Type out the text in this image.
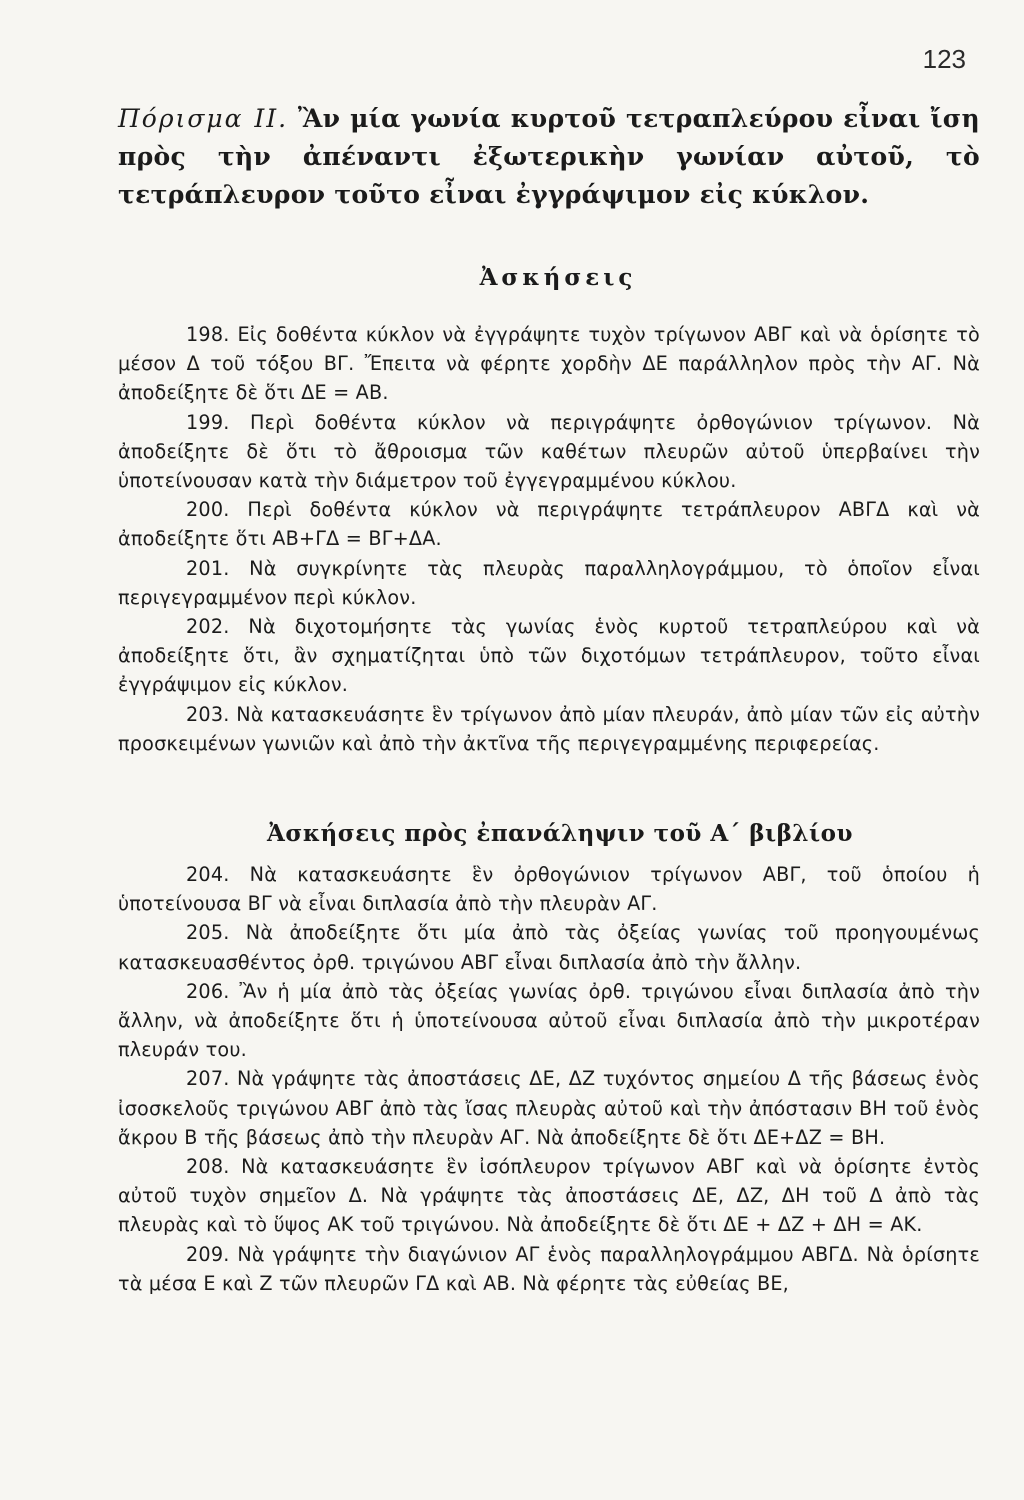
123
Πόρισμα II. Ἂν μία γωνία κυρτοῦ τετραπλεύρου εἶναι ἴση πρὸς τὴν ἀπέναντι ἐξωτερικὴν γωνίαν αὐτοῦ, τὸ τετράπλευρον τοῦτο εἶναι ἐγγράψιμον εἰς κύκλον.
Ἀσκήσεις

198. Εἰς δοθέντα κύκλον νὰ ἐγγράψητε τυχὸν τρίγωνον ΑΒΓ καὶ νὰ ὁρίσητε τὸ μέσον Δ τοῦ τόξου ΒΓ. Ἔπειτα νὰ φέρητε χορδὴν ΔΕ παράλληλον πρὸς τὴν ΑΓ. Νὰ ἀποδείξητε δὲ ὅτι ΔΕ = ΑΒ.

199. Περὶ δοθέντα κύκλον νὰ περιγράψητε ὀρθογώνιον τρίγωνον. Νὰ ἀποδείξητε δὲ ὅτι τὸ ἄθροισμα τῶν καθέτων πλευρῶν αὐτοῦ ὑπερβαίνει τὴν ὑποτείνουσαν κατὰ τὴν διάμετρον τοῦ ἐγγεγραμμένου κύκλου.

200. Περὶ δοθέντα κύκλον νὰ περιγράψητε τετράπλευρον ΑΒΓΔ καὶ νὰ ἀποδείξητε ὅτι ΑΒ+ΓΔ = ΒΓ+ΔΑ.

201. Νὰ συγκρίνητε τὰς πλευρὰς παραλληλογράμμου, τὸ ὁποῖον εἶναι περιγεγραμμένον περὶ κύκλον.

202. Νὰ διχοτομήσητε τὰς γωνίας ἑνὸς κυρτοῦ τετραπλεύρου καὶ νὰ ἀποδείξητε ὅτι, ἂν σχηματίζηται ὑπὸ τῶν διχοτόμων τετράπλευρον, τοῦτο εἶναι ἐγγράψιμον εἰς κύκλον.

203. Νὰ κατασκευάσητε ἓν τρίγωνον ἀπὸ μίαν πλευράν, ἀπὸ μίαν τῶν εἰς αὐτὴν προσκειμένων γωνιῶν καὶ ἀπὸ τὴν ἀκτῖνα τῆς περιγεγραμμένης περιφερείας.

Ἀσκήσεις πρὸς ἐπανάληψιν τοῦ Α΄ βιβλίου

204. Νὰ κατασκευάσητε ἓν ὀρθογώνιον τρίγωνον ΑΒΓ, τοῦ ὁποίου ἡ ὑποτείνουσα ΒΓ νὰ εἶναι διπλασία ἀπὸ τὴν πλευρὰν ΑΓ.

205. Νὰ ἀποδείξητε ὅτι μία ἀπὸ τὰς ὀξείας γωνίας τοῦ προηγουμένως κατασκευασθέντος ὀρθ. τριγώνου ΑΒΓ εἶναι διπλασία ἀπὸ τὴν ἄλλην.

206. Ἂν ἡ μία ἀπὸ τὰς ὀξείας γωνίας ὀρθ. τριγώνου εἶναι διπλασία ἀπὸ τὴν ἄλλην, νὰ ἀποδείξητε ὅτι ἡ ὑποτείνουσα αὐτοῦ εἶναι διπλασία ἀπὸ τὴν μικροτέραν πλευράν του.

207. Νὰ γράψητε τὰς ἀποστάσεις ΔΕ, ΔΖ τυχόντος σημείου Δ τῆς βάσεως ἑνὸς ἰσοσκελοῦς τριγώνου ΑΒΓ ἀπὸ τὰς ἴσας πλευρὰς αὐτοῦ καὶ τὴν ἀπόστασιν ΒΗ τοῦ ἑνὸς ἄκρου Β τῆς βάσεως ἀπὸ τὴν πλευρὰν ΑΓ. Νὰ ἀποδείξητε δὲ ὅτι ΔΕ+ΔΖ = ΒΗ.

208. Νὰ κατασκευάσητε ἓν ἰσόπλευρον τρίγωνον ΑΒΓ καὶ νὰ ὁρίσητε ἐντὸς αὐτοῦ τυχὸν σημεῖον Δ. Νὰ γράψητε τὰς ἀποστάσεις ΔΕ, ΔΖ, ΔΗ τοῦ Δ ἀπὸ τὰς πλευρὰς καὶ τὸ ὕψος ΑΚ τοῦ τριγώνου. Νὰ ἀποδείξητε δὲ ὅτι ΔΕ + ΔΖ + ΔΗ = ΑΚ.

209. Νὰ γράψητε τὴν διαγώνιον ΑΓ ἑνὸς παραλληλογράμμου ΑΒΓΔ. Νὰ ὁρίσητε τὰ μέσα Ε καὶ Ζ τῶν πλευρῶν ΓΔ καὶ ΑΒ. Νὰ φέρητε τὰς εὐθείας ΒΕ,
